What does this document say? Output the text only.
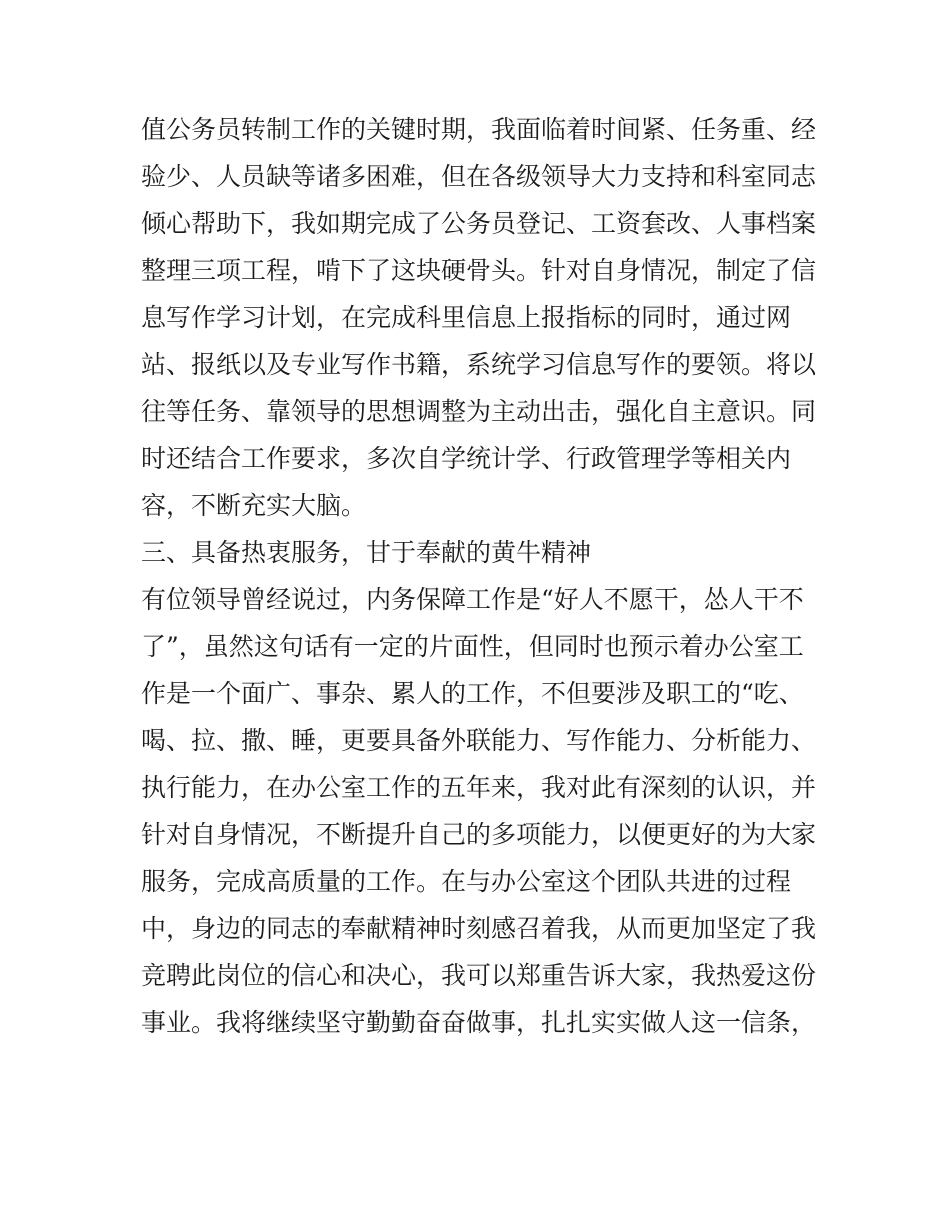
值公务员转制工作的关键时期，我面临着时间紧、任务重、经
验少、人员缺等诸多困难，但在各级领导大力支持和科室同志
倾心帮助下，我如期完成了公务员登记、工资套改、人事档案
整理三项工程，啃下了这块硬骨头。针对自身情况，制定了信
息写作学习计划，在完成科里信息上报指标的同时，通过网
站、报纸以及专业写作书籍，系统学习信息写作的要领。将以
往等任务、靠领导的思想调整为主动出击，强化自主意识。同
时还结合工作要求，多次自学统计学、行政管理学等相关内
容，不断充实大脑。
三、具备热衷服务，甘于奉献的黄牛精神
有位领导曾经说过，内务保障工作是“好人不愿干，怂人干不
了”，虽然这句话有一定的片面性，但同时也预示着办公室工
作是一个面广、事杂、累人的工作，不但要涉及职工的“吃、
喝、拉、撒、睡，更要具备外联能力、写作能力、分析能力、
执行能力，在办公室工作的五年来，我对此有深刻的认识，并
针对自身情况，不断提升自己的多项能力，以便更好的为大家
服务，完成高质量的工作。在与办公室这个团队共进的过程
中，身边的同志的奉献精神时刻感召着我，从而更加坚定了我
竞聘此岗位的信心和决心，我可以郑重告诉大家，我热爱这份
事业。我将继续坚守勤勤奋奋做事，扎扎实实做人这一信条，
